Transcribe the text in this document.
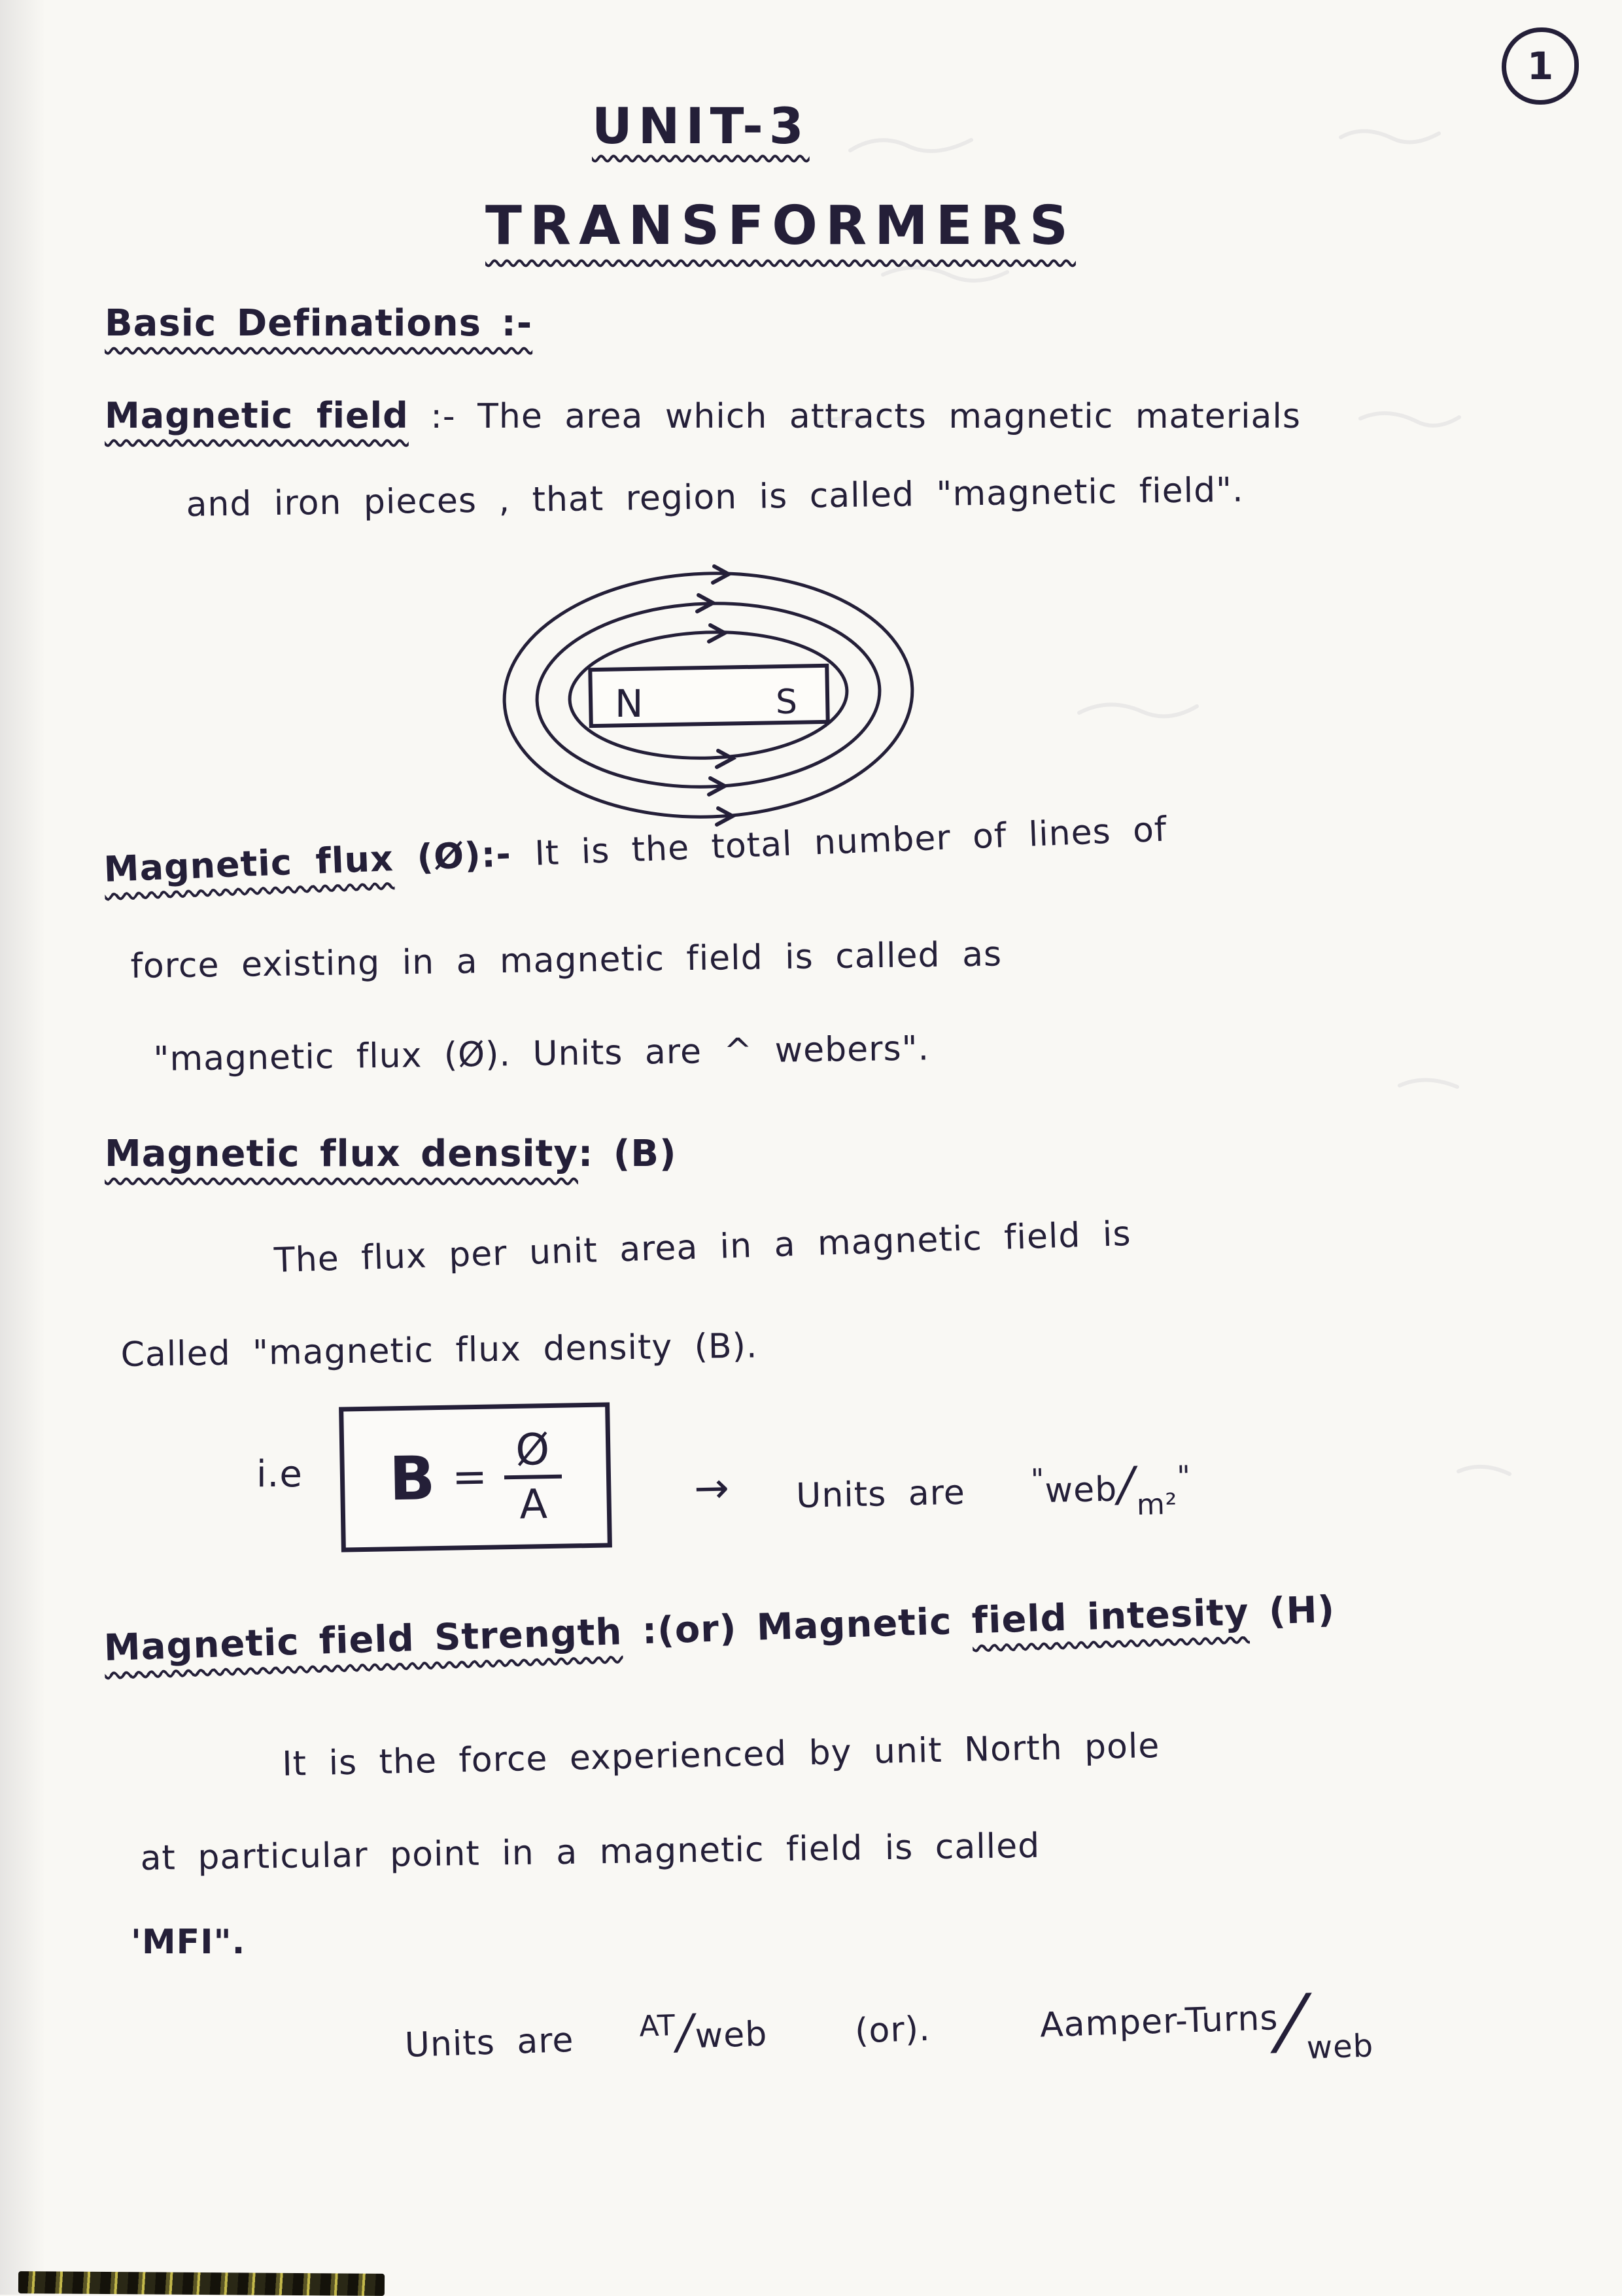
1
UNIT-3
TRANSFORMERS
Basic Definations :-
Magnetic field :- The area which attracts magnetic materials
and iron pieces , that region is called "magnetic field".
N	S
Magnetic flux (Ø):- It is the total number of lines of
force existing in a magnetic field is called as
"magnetic flux (Ø). Units are ^ webers".
Magnetic flux density: (B)
The flux per unit area in a magnetic field is
Called "magnetic flux density (B).
i.e $B = \frac{Ø}{A}$	→ Units are "web/m²"
Magnetic field Strength :(or) Magnetic field intesity (H)
It is the force experienced by unit North pole
at particular point in a magnetic field is called
'MFI".
Units are AT/web	(or).	Aamper-Turns/web
